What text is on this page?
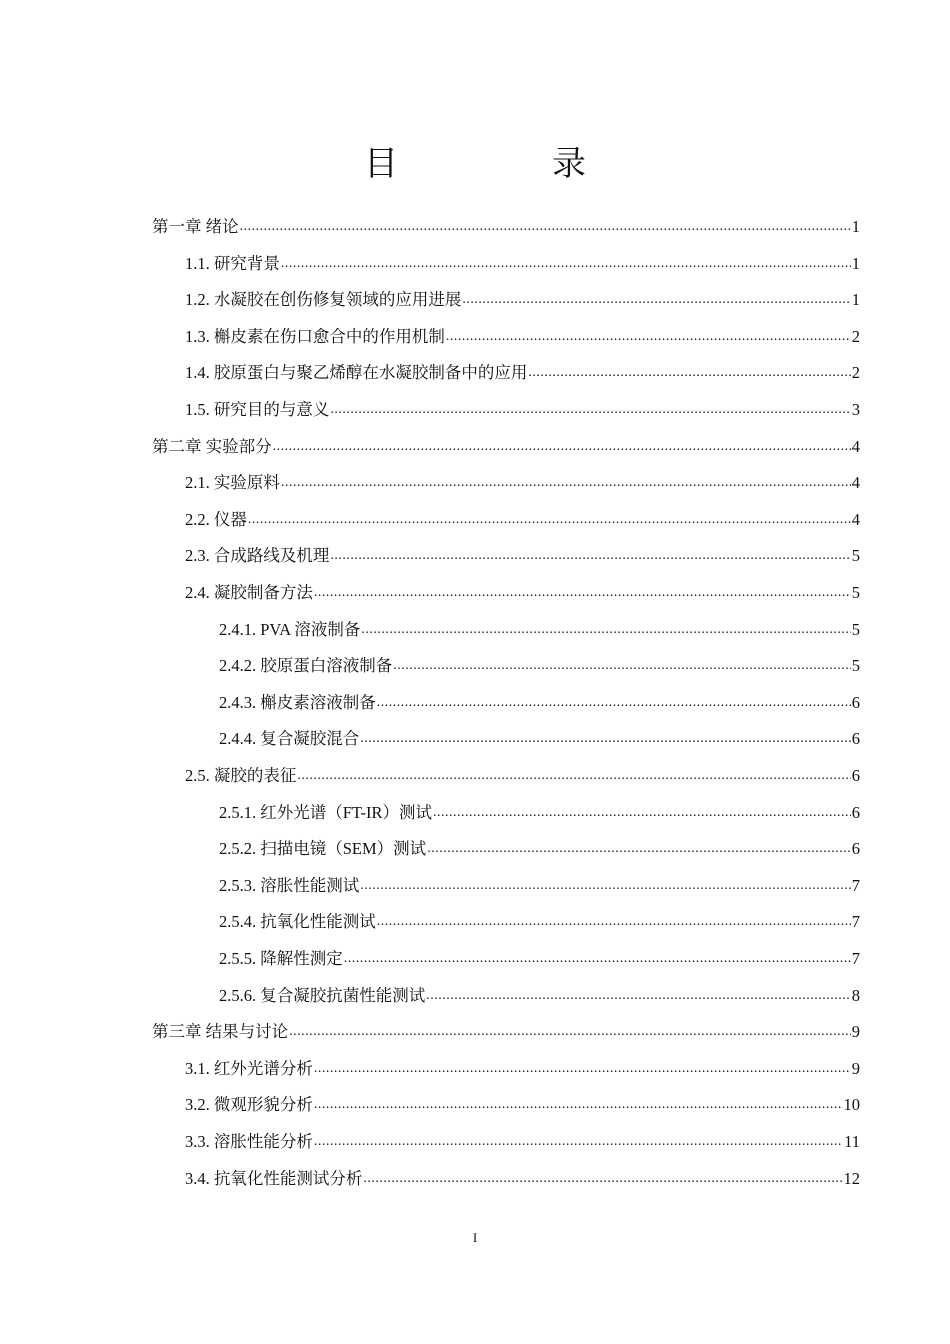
目　录
第一章 绪论 .....	1
1.1. 研究背景 .....	1
1.2. 水凝胶在创伤修复领域的应用进展 .....	1
1.3. 槲皮素在伤口愈合中的作用机制 .....	2
1.4. 胶原蛋白与聚乙烯醇在水凝胶制备中的应用 .....	2
1.5. 研究目的与意义 .....	3
第二章 实验部分 .....	4
2.1. 实验原料 .....	4
2.2. 仪器 .....	4
2.3. 合成路线及机理 .....	5
2.4. 凝胶制备方法 .....	5
2.4.1. PVA 溶液制备 .....	5
2.4.2. 胶原蛋白溶液制备 .....	5
2.4.3. 槲皮素溶液制备 .....	6
2.4.4. 复合凝胶混合 .....	6
2.5. 凝胶的表征 .....	6
2.5.1. 红外光谱（FT-IR）测试 .....	6
2.5.2. 扫描电镜（SEM）测试 .....	6
2.5.3. 溶胀性能测试 .....	7
2.5.4. 抗氧化性能测试 .....	7
2.5.5. 降解性测定 .....	7
2.5.6. 复合凝胶抗菌性能测试 .....	8
第三章 结果与讨论 .....	9
3.1. 红外光谱分析 .....	9
3.2. 微观形貌分析 .....	10
3.3. 溶胀性能分析 .....	11
3.4. 抗氧化性能测试分析 .....	12
I
